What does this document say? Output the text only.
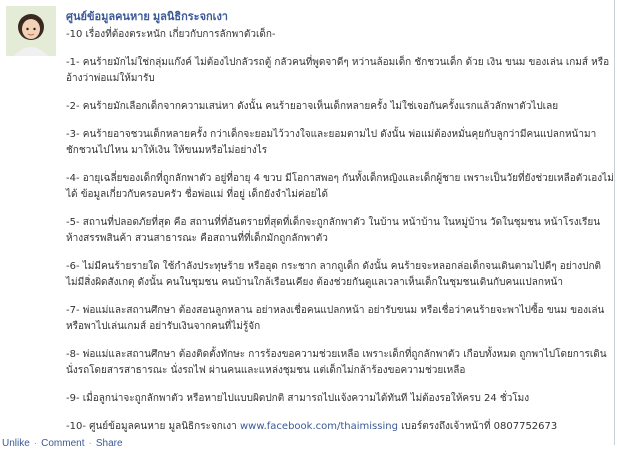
ศูนย์ข้อมูลคนหาย มูลนิธิกระจกเงา

-10 เรื่องที่ต้องตระหนัก เกี่ยวกับการลักพาตัวเด็ก-

-1- คนร้ายมักไม่ใช่กลุ่มแก๊งค์ ไม่ต้องไปกลัวรถตู้ กลัวคนที่พูดจาดีๆ หว่านล้อมเด็ก ชักชวนเด็ก ด้วย เงิน ขนม ของเล่น เกมส์ หรืออ้างว่าพ่อแม่ให้มารับ

-2- คนร้ายมักเลือกเด็กจากความเสน่หา ดังนั้น คนร้ายอาจเห็นเด็กหลายครั้ง ไม่ใช่เจอกันครั้งแรกแล้วลักพาตัวไปเลย

-3- คนร้ายอาจชวนเด็กหลายครั้ง กว่าเด็กจะยอมไว้วางใจและยอมตามไป ดังนั้น พ่อแม่ต้องหมั่นคุยกับลูกว่ามีคนแปลกหน้ามาชักชวนไปไหน มาให้เงิน ให้ขนมหรือไม่อย่างไร

-4- อายุเฉลี่ยของเด็กที่ถูกลักพาตัว อยู่ที่อายุ 4 ขวบ มีโอกาสพอๆ กันทั้งเด็กหญิงและเด็กผู้ชาย เพราะเป็นวัยที่ยังช่วยเหลือตัวเองไม่ได้ ข้อมูลเกี่ยวกับครอบครัว ชื่อพ่อแม่ ที่อยู่ เด็กยังจำไม่ค่อยได้

-5- สถานที่ปลอดภัยที่สุด คือ สถานที่ที่อันตรายที่สุดที่เด็กจะถูกลักพาตัว ในบ้าน หน้าบ้าน ในหมู่บ้าน วัดในชุมชน หน้าโรงเรียน ห้างสรรพสินค้า สวนสาธารณะ คือสถานที่ที่เด็กมักถูกลักพาตัว

-6- ไม่มีคนร้ายรายใด ใช้กำลังประทุษร้าย หรืออุด กระชาก ลากถูเด็ก ดังนั้น คนร้ายจะหลอกล่อเด็กจนเดินตามไปดีๆ อย่างปกติ ไม่มีสิ่งผิดสังเกตุ ดังนั้น คนในชุมชน คนบ้านใกล้เรือนเคียง ต้องช่วยกันดูแลเวลาเห็นเด็กในชุมชนเดินกับคนแปลกหน้า

-7- พ่อแม่และสถานศึกษา ต้องสอนลูกหลาน อย่าหลงเชื่อคนแปลกหน้า อย่ารับขนม หรือเชื่อว่าคนร้ายจะพาไปซื้อ ขนม ของเล่น หรือพาไปเล่นเกมส์ อย่ารับเงินจากคนที่ไม่รู้จัก

-8- พ่อแม่และสถานศึกษา ต้องติดตั้งทักษะ การร้องขอความช่วยเหลือ เพราะเด็กที่ถูกลักพาตัว เกือบทั้งหมด ถูกพาไปโดยการเดิน นั่งรถโดยสารสาธารณะ นั่งรถไฟ ผ่านคนและแหล่งชุมชน แต่เด็กไม่กล้าร้องขอความช่วยเหลือ

-9- เมื่อลูกน่าจะถูกลักพาตัว หรือหายไปแบบผิดปกติ สามารถไปแจ้งความได้ทันที ไม่ต้องรอให้ครบ 24 ชั่วโมง

-10- ศูนย์ข้อมูลคนหาย มูลนิธิกระจกเงา www.facebook.com/thaimissing เบอร์ตรงถึงเจ้าหน้าที่ 0807752673

Unlike · Comment · Share
